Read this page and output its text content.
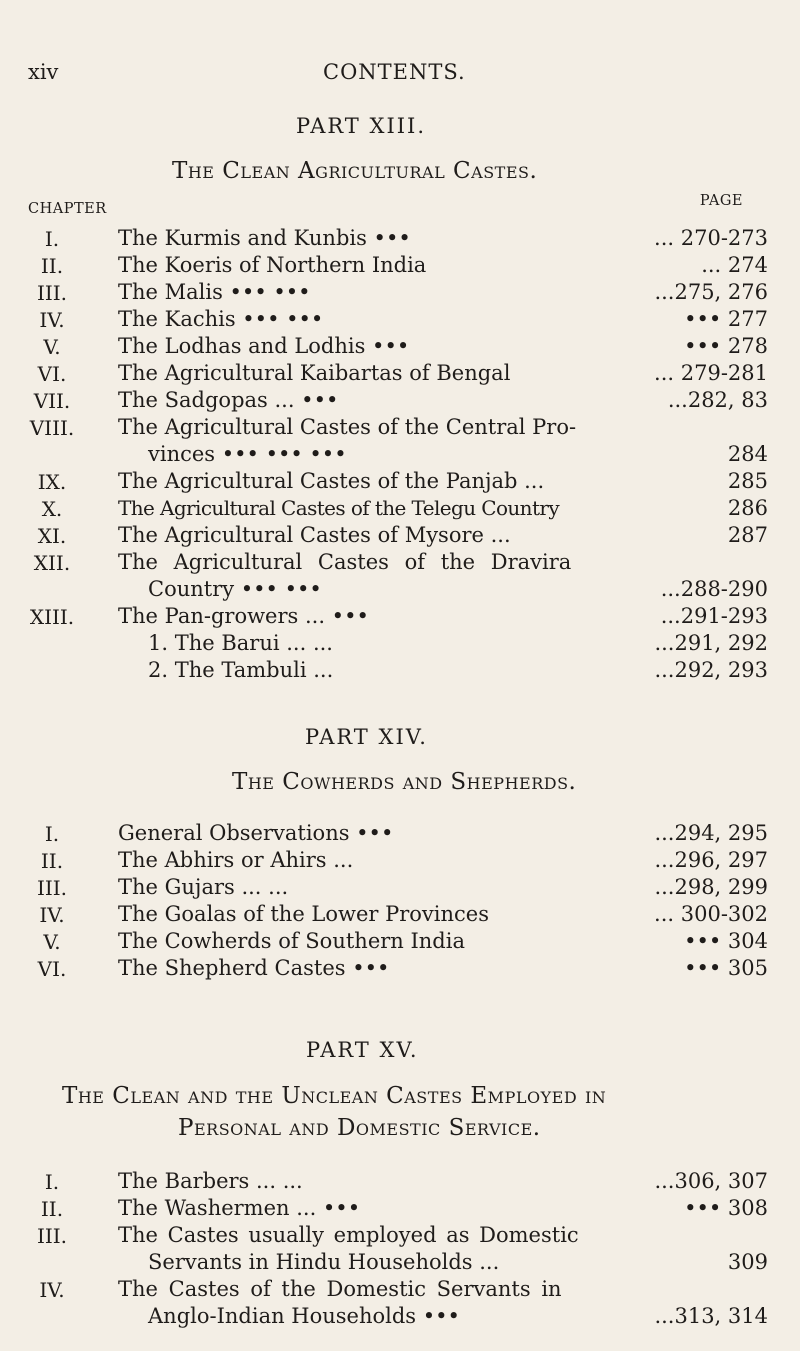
xiv	CONTENTS.
PART XIII.
The Clean Agricultural Castes.
CHAPTER	PAGE
I.	The Kurmis and Kunbis •••	... 270-273
II.	The Koeris of Northern India	... 274
III.	The Malis ••• •••	...275, 276
IV.	The Kachis ••• •••	••• 277
V.	The Lodhas and Lodhis •••	••• 278
VI.	The Agricultural Kaibartas of Bengal	... 279-281
VII.	The Sadgopas ... •••	...282, 83
VIII.	The Agricultural Castes of the Central Pro-
vinces ••• ••• •••	284
IX.	The Agricultural Castes of the Panjab ...	285
X.	The Agricultural Castes of the Telegu Country	286
XI.	The Agricultural Castes of Mysore ...	287
XII.	The Agricultural Castes of the Dravira
Country ••• •••	...288-290
XIII.	The Pan-growers ... •••	...291-293
1. The Barui ... ...	...291, 292
2. The Tambuli ...	...292, 293
PART XIV.
The Cowherds and Shepherds.
I.	General Observations •••	...294, 295
II.	The Abhirs or Ahirs ...	...296, 297
III.	The Gujars ... ...	...298, 299
IV.	The Goalas of the Lower Provinces	... 300-302
V.	The Cowherds of Southern India	••• 304
VI.	The Shepherd Castes •••	••• 305
PART XV.
The Clean and the Unclean Castes Employed in
Personal and Domestic Service.
I.	The Barbers ... ...	...306, 307
II.	The Washermen ... •••	••• 308
III.	The Castes usually employed as Domestic
Servants in Hindu Households ...	309
IV.	The Castes of the Domestic Servants in
Anglo-Indian Households •••	...313, 314
